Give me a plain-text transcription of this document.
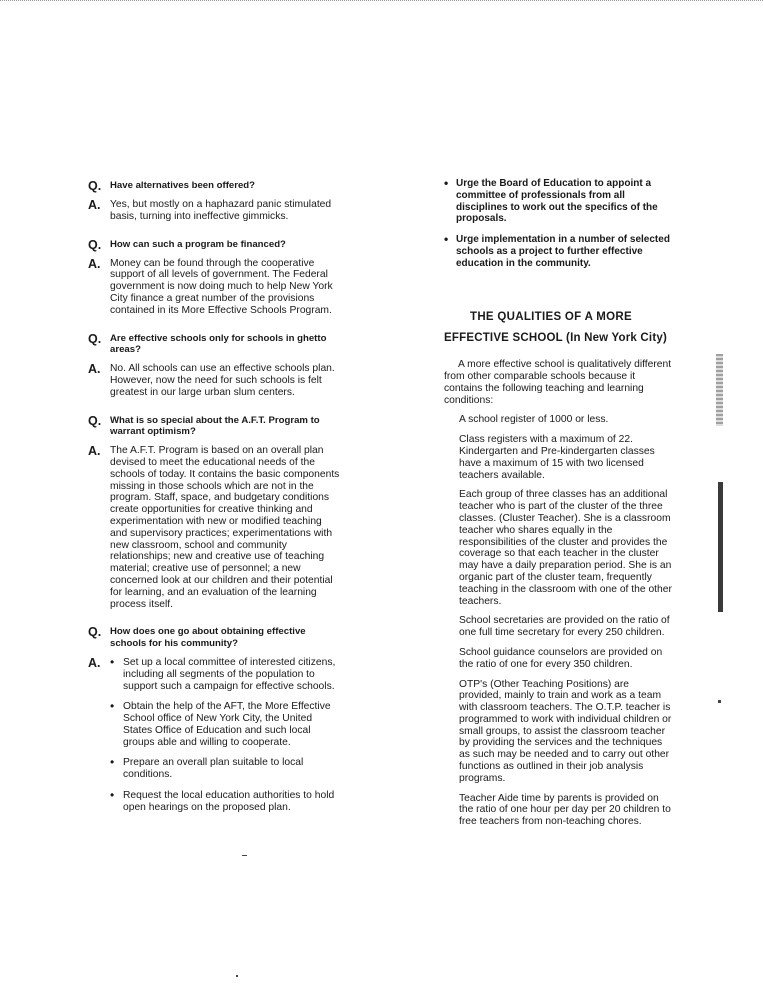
Q. Have alternatives been offered?
A. Yes, but mostly on a haphazard panic stimulated basis, turning into ineffective gimmicks.
Q. How can such a program be financed?
A. Money can be found through the cooperative support of all levels of government. The Federal government is now doing much to help New York City finance a great number of the provisions contained in its More Effective Schools Program.
Q. Are effective schools only for schools in ghetto areas?
A. No. All schools can use an effective schools plan. However, now the need for such schools is felt greatest in our large urban slum centers.
Q. What is so special about the A.F.T. Program to warrant optimism?
A. The A.F.T. Program is based on an overall plan devised to meet the educational needs of the schools of today. It contains the basic components missing in those schools which are not in the program. Staff, space, and budgetary conditions create opportunities for creative thinking and experimentation with new or modified teaching and supervisory practices; experimentations with new classroom, school and community relationships; new and creative use of teaching material; creative use of personnel; a new concerned look at our children and their potential for learning, and an evaluation of the learning process itself.
Q. How does one go about obtaining effective schools for his community?
A. • Set up a local committee of interested citizens, including all segments of the population to support such a campaign for effective schools.
• Obtain the help of the AFT, the More Effective School office of New York City, the United States Office of Education and such local groups able and willing to cooperate.
• Prepare an overall plan suitable to local conditions.
• Request the local education authorities to hold open hearings on the proposed plan.
• Urge the Board of Education to appoint a committee of professionals from all disciplines to work out the specifics of the proposals.
• Urge implementation in a number of selected schools as a project to further effective education in the community.
THE QUALITIES OF A MORE
EFFECTIVE SCHOOL (In New York City)
A more effective school is qualitatively different from other comparable schools because it contains the following teaching and learning conditions:
A school register of 1000 or less.
Class registers with a maximum of 22. Kindergarten and Pre-kindergarten classes have a maximum of 15 with two licensed teachers available.
Each group of three classes has an additional teacher who is part of the cluster of the three classes. (Cluster Teacher). She is a classroom teacher who shares equally in the responsibilities of the cluster and provides the coverage so that each teacher in the cluster may have a daily preparation period. She is an organic part of the cluster team, frequently teaching in the classroom with one of the other teachers.
School secretaries are provided on the ratio of one full time secretary for every 250 children.
School guidance counselors are provided on the ratio of one for every 350 children.
OTP's (Other Teaching Positions) are provided, mainly to train and work as a team with classroom teachers. The O.T.P. teacher is programmed to work with individual children or small groups, to assist the classroom teacher by providing the services and the techniques as such may be needed and to carry out other functions as outlined in their job analysis programs.
Teacher Aide time by parents is provided on the ratio of one hour per day per 20 children to free teachers from non-teaching chores.
